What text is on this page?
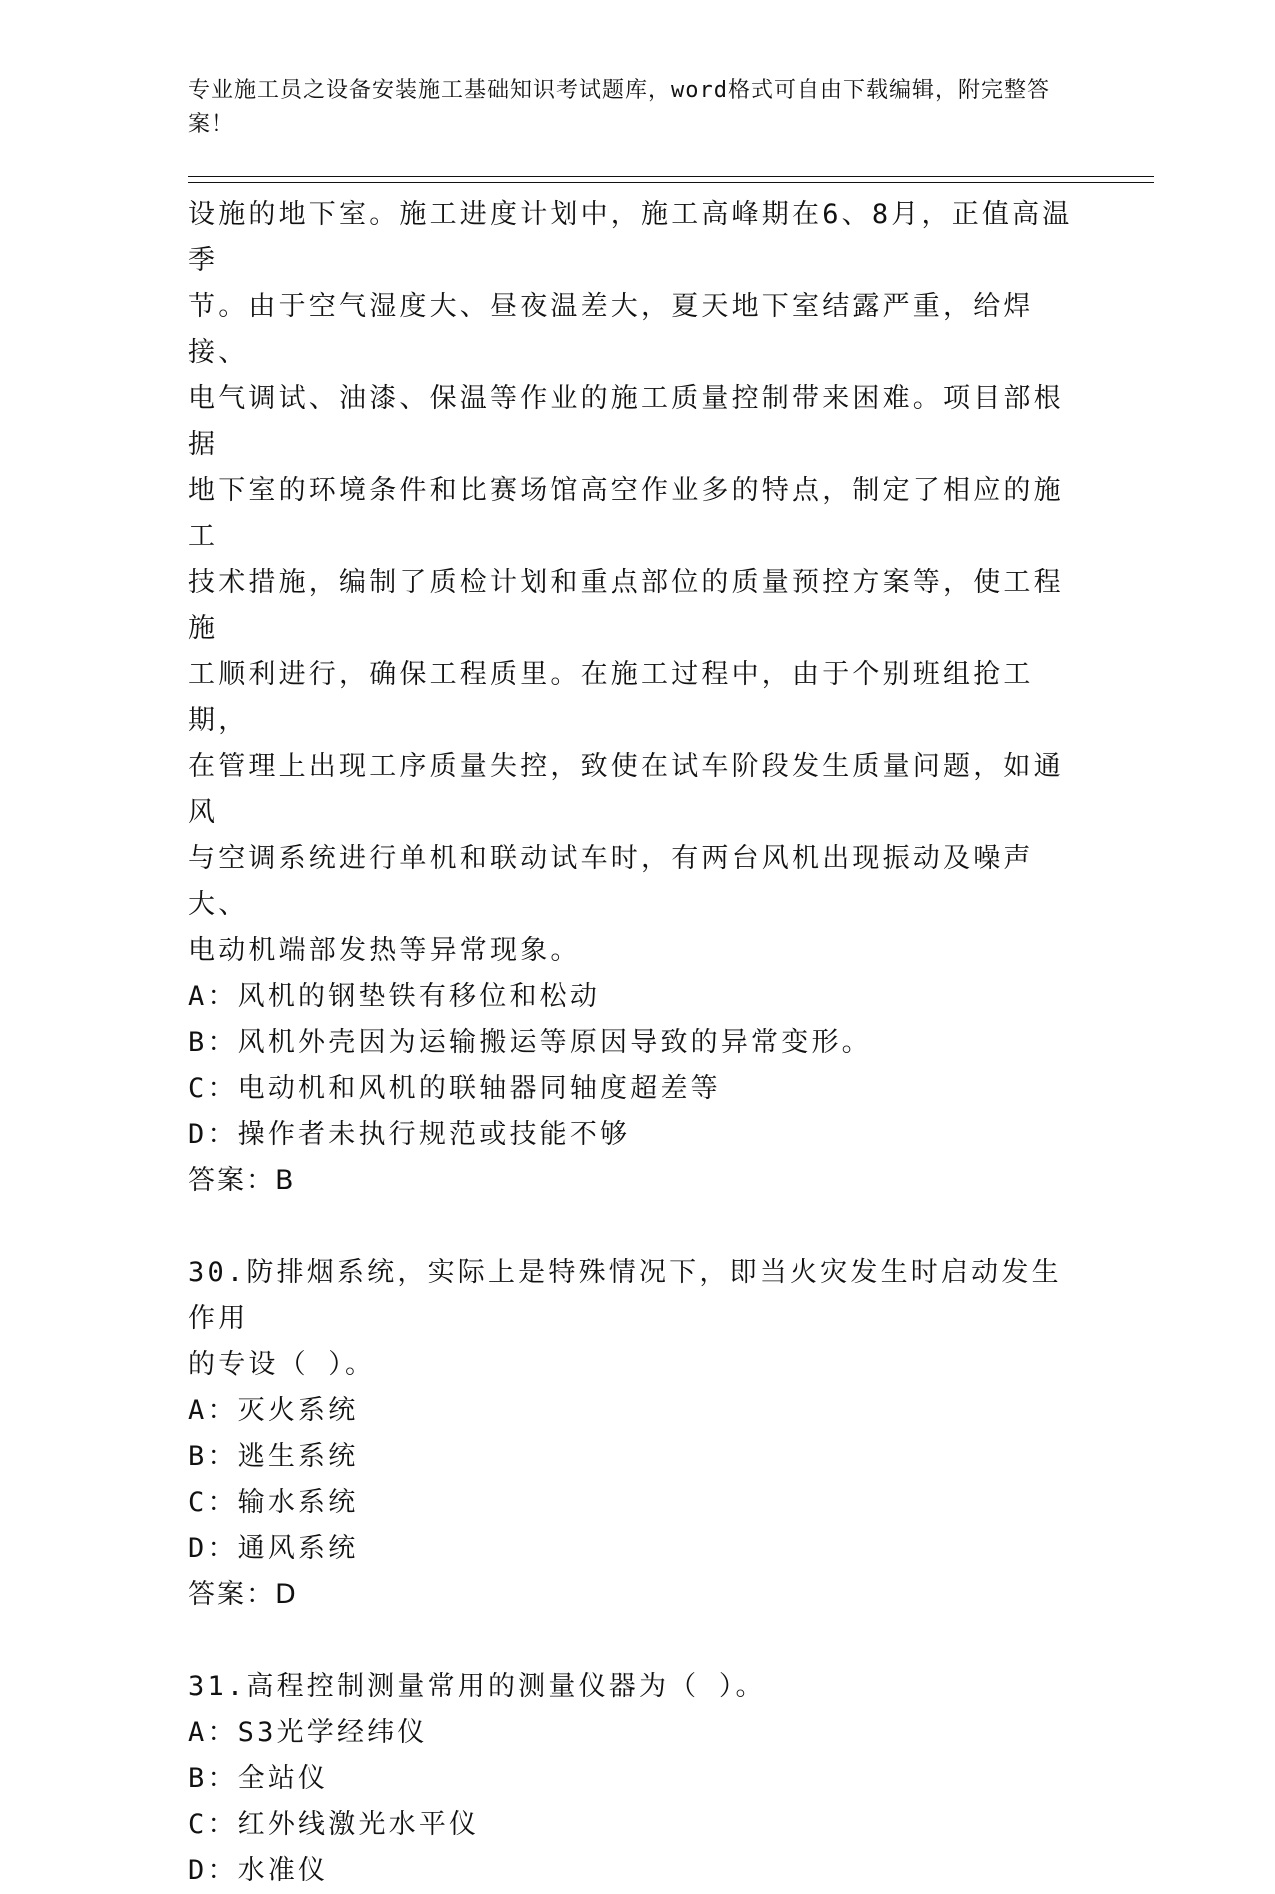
专业施工员之设备安装施工基础知识考试题库，word格式可自由下载编辑，附完整答案！

设施的地下室。施工进度计划中，施工高峰期在6、8月，正值高温季

节。由于空气湿度大、昼夜温差大，夏天地下室结露严重，给焊接、

电气调试、油漆、保温等作业的施工质量控制带来困难。项目部根据

地下室的环境条件和比赛场馆高空作业多的特点，制定了相应的施工

技术措施，编制了质检计划和重点部位的质量预控方案等，使工程施

工顺利进行，确保工程质里。在施工过程中，由于个别班组抢工期，

在管理上出现工序质量失控，致使在试车阶段发生质量问题，如通风

与空调系统进行单机和联动试车时，有两台风机出现振动及噪声大、

电动机端部发热等异常现象。

A：风机的钢垫铁有移位和松动

B：风机外壳因为运输搬运等原因导致的异常变形。

C：电动机和风机的联轴器同轴度超差等

D：操作者未执行规范或技能不够

答案：B

30.防排烟系统，实际上是特殊情况下，即当火灾发生时启动发生作用

的专设（ ）。

A：灭火系统

B：逃生系统

C：输水系统

D：通风系统

答案：D

31.高程控制测量常用的测量仪器为（ ）。

A：S3光学经纬仪

B：全站仪

C：红外线激光水平仪

D：水准仪
